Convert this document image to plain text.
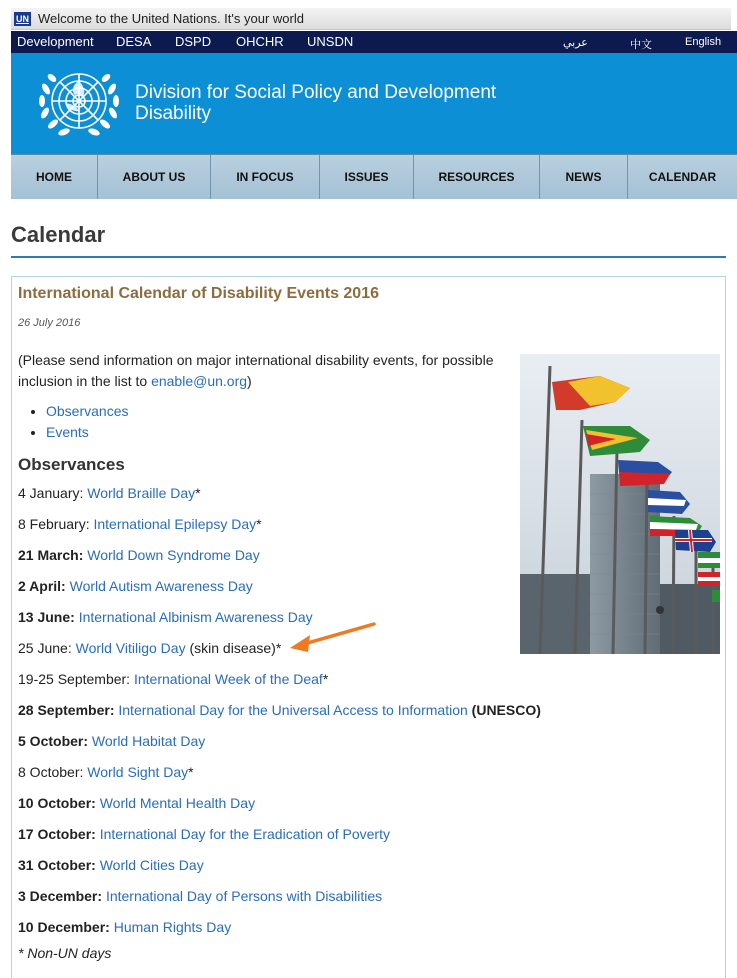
UN Welcome to the United Nations. It's your world
Development DESA DSPD OHCHR UNSDN	عربي	中文	English
Division for Social Policy and Development
Disability
HOME	ABOUT US	IN FOCUS	ISSUES	RESOURCES	NEWS	CALENDAR
Calendar
International Calendar of Disability Events 2016
26 July 2016
(Please send information on major international disability events, for possible inclusion in the list to enable@un.org)
• Observances
• Events
Observances
4 January: World Braille Day*
8 February: International Epilepsy Day*
21 March: World Down Syndrome Day
2 April: World Autism Awareness Day
13 June: International Albinism Awareness Day
25 June: World Vitiligo Day (skin disease)*
19-25 September: International Week of the Deaf*
28 September: International Day for the Universal Access to Information (UNESCO)
5 October: World Habitat Day
8 October: World Sight Day*
10 October: World Mental Health Day
17 October: International Day for the Eradication of Poverty
31 October: World Cities Day
3 December: International Day of Persons with Disabilities
10 December: Human Rights Day
* Non-UN days
